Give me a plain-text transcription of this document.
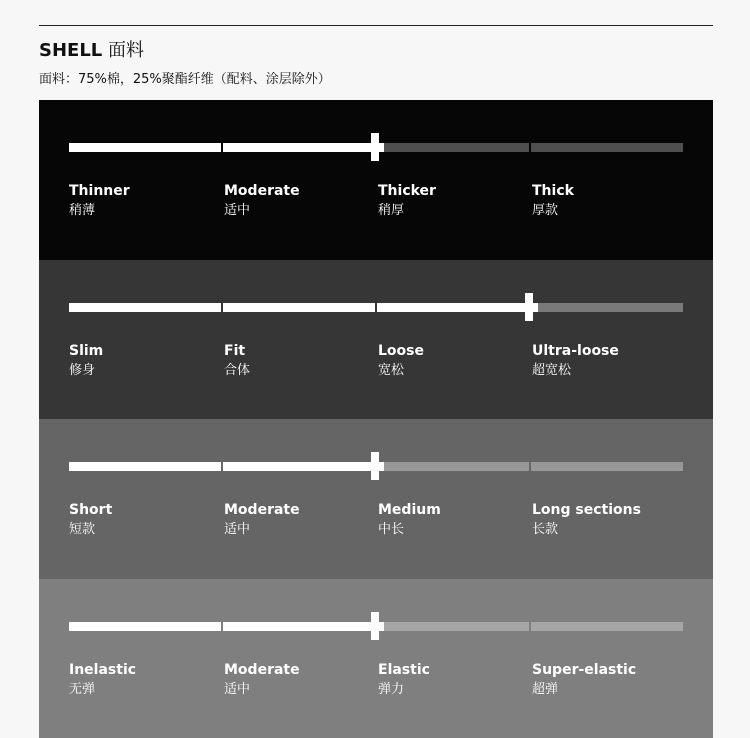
SHELL 面料
面料：75%棉，25%聚酯纤维（配料、涂层除外）
Thinner
稍薄
Moderate
适中
Thicker
稍厚
Thick
厚款
Slim
修身
Fit
合体
Loose
宽松
Ultra-loose
超宽松
Short
短款
Moderate
适中
Medium
中长
Long sections
长款
Inelastic
无弹
Moderate
适中
Elastic
弹力
Super-elastic
超弹
